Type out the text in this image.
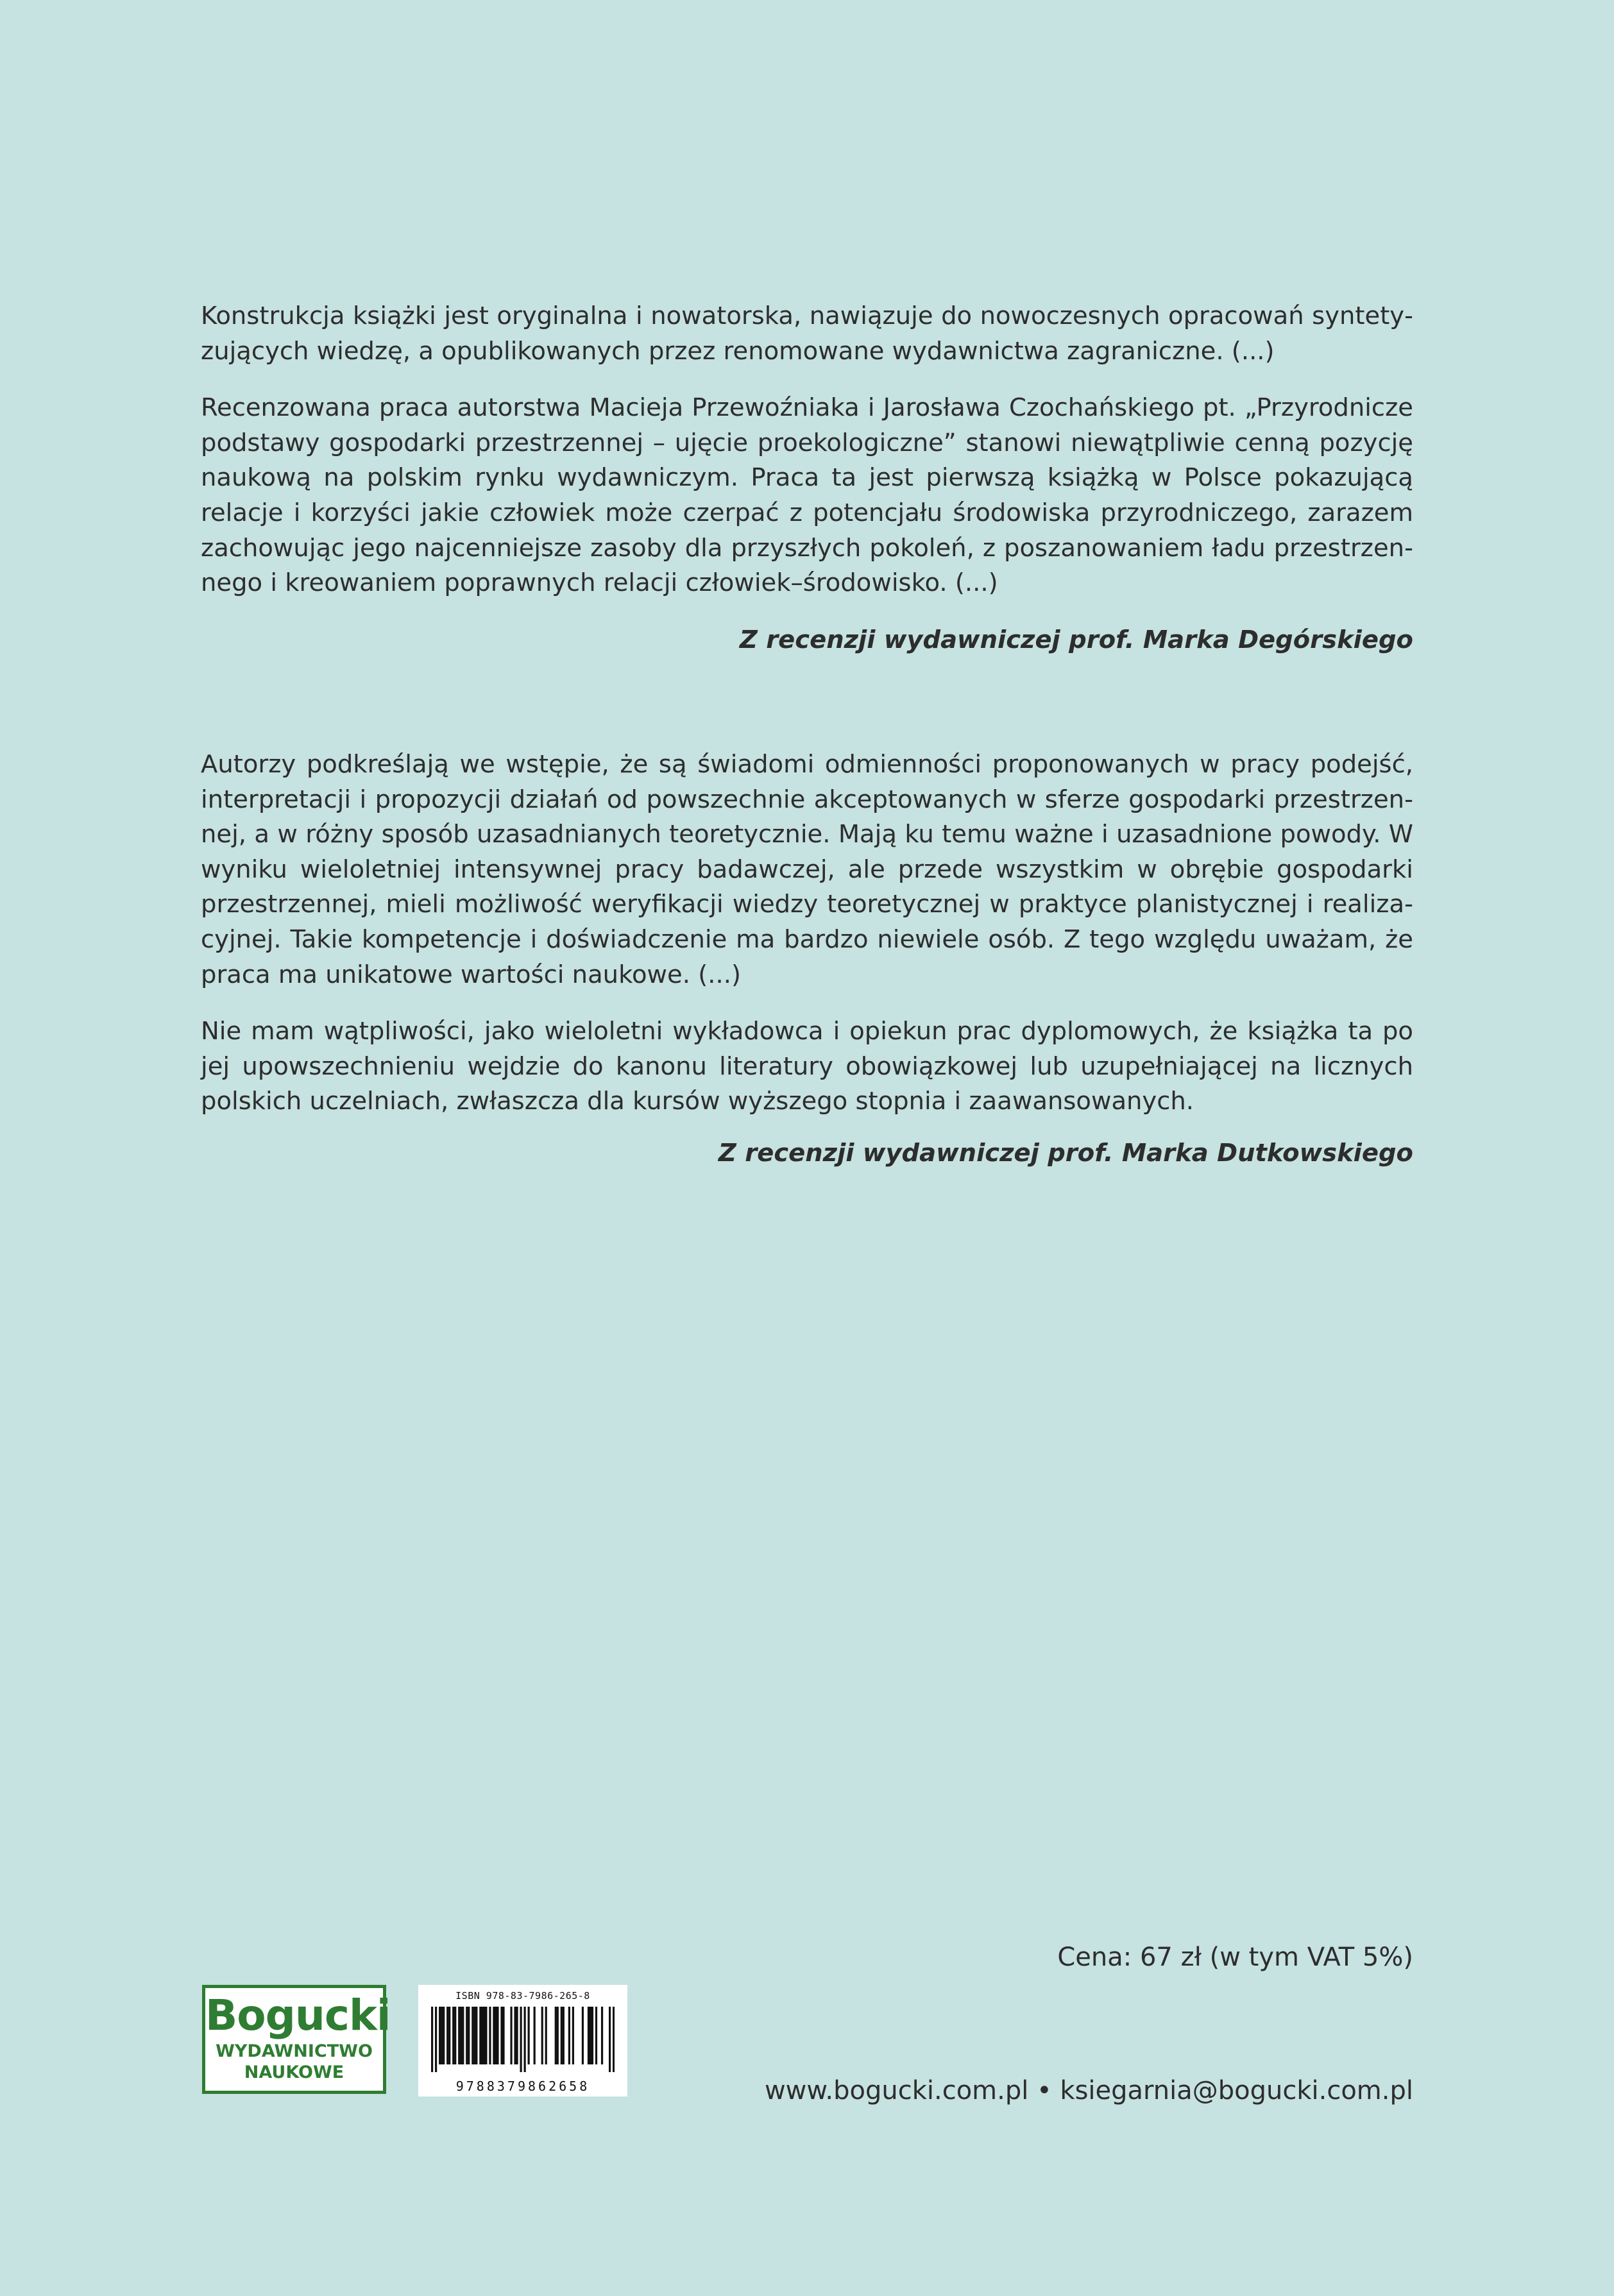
Konstrukcja książki jest oryginalna i nowatorska, nawiązuje do nowoczesnych opracowań syntetyzujących wiedzę, a opublikowanych przez renomowane wydawnictwa zagraniczne. (...)

Recenzowana praca autorstwa Macieja Przewoźniaka i Jarosława Czochańskiego pt. „Przyrodnicze podstawy gospodarki przestrzennej – ujęcie proekologiczne” stanowi niewątpliwie cenną pozycję naukową na polskim rynku wydawniczym. Praca ta jest pierwszą książką w Polsce pokazującą relacje i korzyści jakie człowiek może czerpać z potencjału środowiska przyrodniczego, zarazem zachowując jego najcenniejsze zasoby dla przyszłych pokoleń, z poszanowaniem ładu przestrzennego i kreowaniem poprawnych relacji człowiek–środowisko. (...)

Z recenzji wydawniczej prof. Marka Degórskiego

Autorzy podkreślają we wstępie, że są świadomi odmienności proponowanych w pracy podejść, interpretacji i propozycji działań od powszechnie akceptowanych w sferze gospodarki przestrzennej, a w różny sposób uzasadnianych teoretycznie. Mają ku temu ważne i uzasadnione powody. W wyniku wieloletniej intensywnej pracy badawczej, ale przede wszystkim w obrębie gospodarki przestrzennej, mieli możliwość weryfikacji wiedzy teoretycznej w praktyce planistycznej i realizacyjnej. Takie kompetencje i doświadczenie ma bardzo niewiele osób. Z tego względu uważam, że praca ma unikatowe wartości naukowe. (...)

Nie mam wątpliwości, jako wieloletni wykładowca i opiekun prac dyplomowych, że książka ta po jej upowszechnieniu wejdzie do kanonu literatury obowiązkowej lub uzupełniającej na licznych polskich uczelniach, zwłaszcza dla kursów wyższego stopnia i zaawansowanych.

Z recenzji wydawniczej prof. Marka Dutkowskiego

Cena: 67 zł (w tym VAT 5%)
Bogucki
WYDAWNICTWO
NAUKOWE
ISBN 978-83-7986-265-8
9788379862658	www.bogucki.com.pl • ksiegarnia@bogucki.com.pl
